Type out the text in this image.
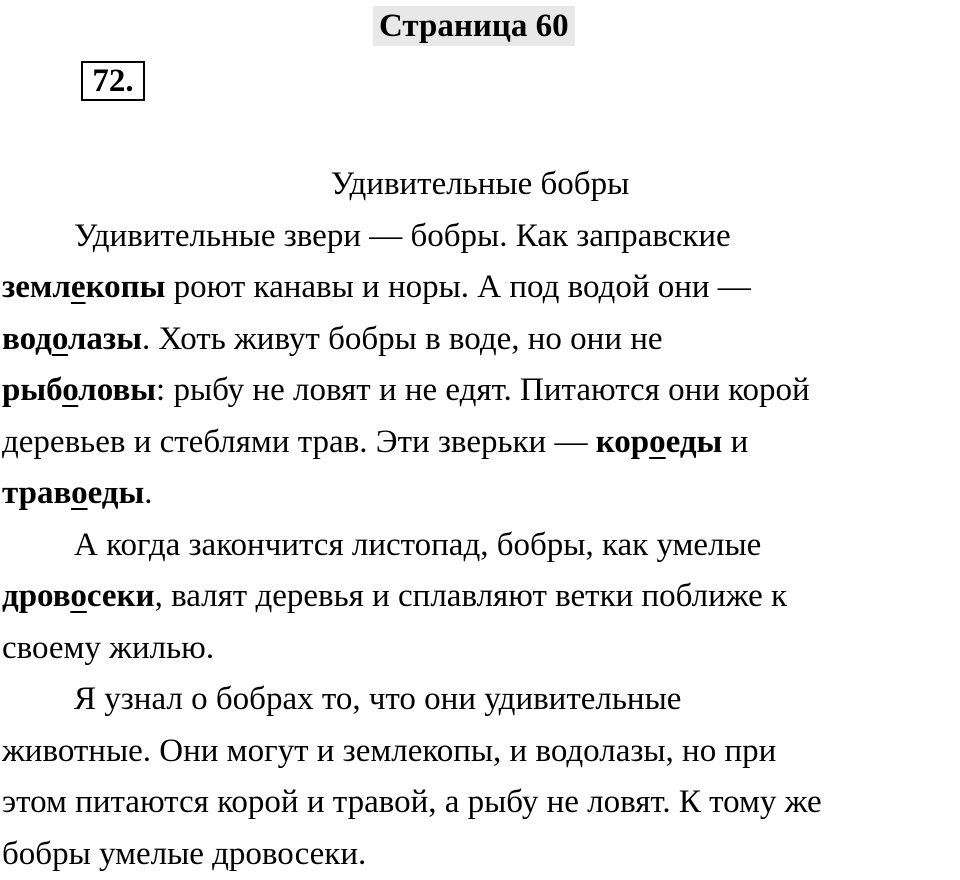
Страница 60
72.
Удивительные бобры
Удивительные звери — бобры. Как заправские
землекопы роют канавы и норы. А под водой они —
водолазы. Хоть живут бобры в воде, но они не
рыболовы: рыбу не ловят и не едят. Питаются они корой
деревьев и стеблями трав. Эти зверьки — короеды и
травоеды.
А когда закончится листопад, бобры, как умелые
дровосеки, валят деревья и сплавляют ветки поближе к
своему жилью.
Я узнал о бобрах то, что они удивительные
животные. Они могут и землекопы, и водолазы, но при
этом питаются корой и травой, а рыбу не ловят. К тому же
бобры умелые дровосеки.
